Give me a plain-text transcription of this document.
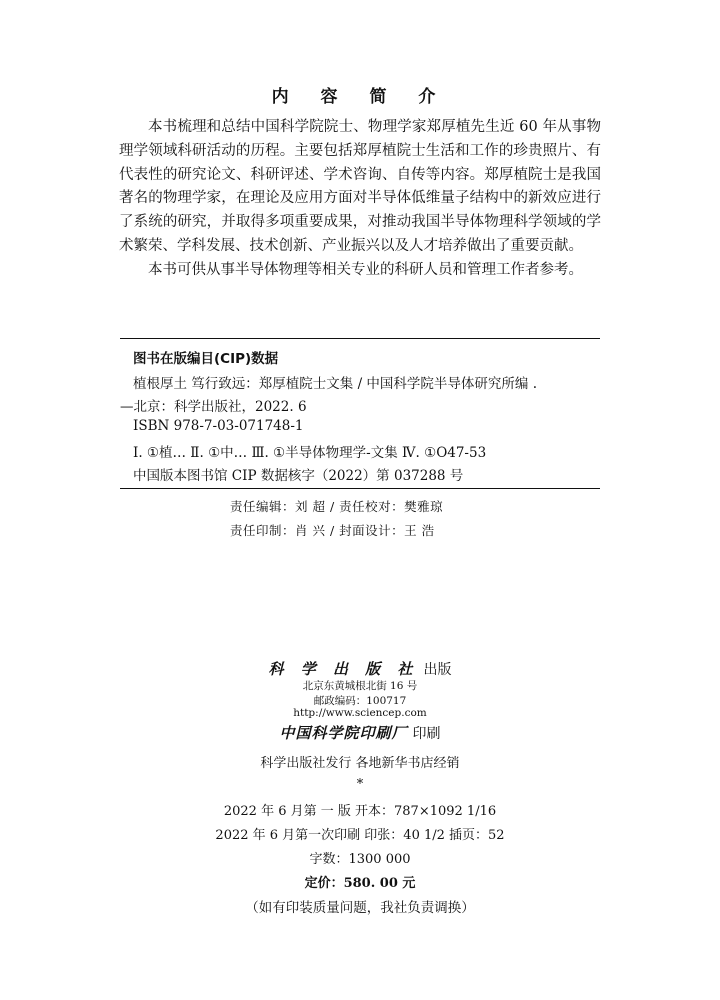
内 容 简 介

本书梳理和总结中国科学院院士、物理学家郑厚植先生近 60 年从事物理学领域科研活动的历程。主要包括郑厚植院士生活和工作的珍贵照片、有代表性的研究论文、科研评述、学术咨询、自传等内容。郑厚植院士是我国著名的物理学家，在理论及应用方面对半导体低维量子结构中的新效应进行了系统的研究，并取得多项重要成果，对推动我国半导体物理科学领域的学术繁荣、学科发展、技术创新、产业振兴以及人才培养做出了重要贡献。

本书可供从事半导体物理等相关专业的科研人员和管理工作者参考。

图书在版编目(CIP)数据
植根厚土 笃行致远：郑厚植院士文集 / 中国科学院半导体研究所编 .
—北京：科学出版社，2022. 6
ISBN 978-7-03-071748-1
Ⅰ. ①植… Ⅱ. ①中… Ⅲ. ①半导体物理学-文集 Ⅳ. ①O47-53
中国版本图书馆 CIP 数据核字（2022）第 037288 号
责任编辑：刘 超 / 责任校对：樊雅琼
责任印制：肖 兴 / 封面设计：王 浩
科 学 出 版 社 出版
北京东黄城根北街 16 号
邮政编码：100717
http://www.sciencep.com
中国科学院印刷厂 印刷
科学出版社发行 各地新华书店经销
*
2022 年 6 月第 一 版 开本：787×1092 1/16
2022 年 6 月第一次印刷 印张：40 1/2 插页：52
字数：1300 000
定价：580. 00 元
（如有印装质量问题，我社负责调换）
